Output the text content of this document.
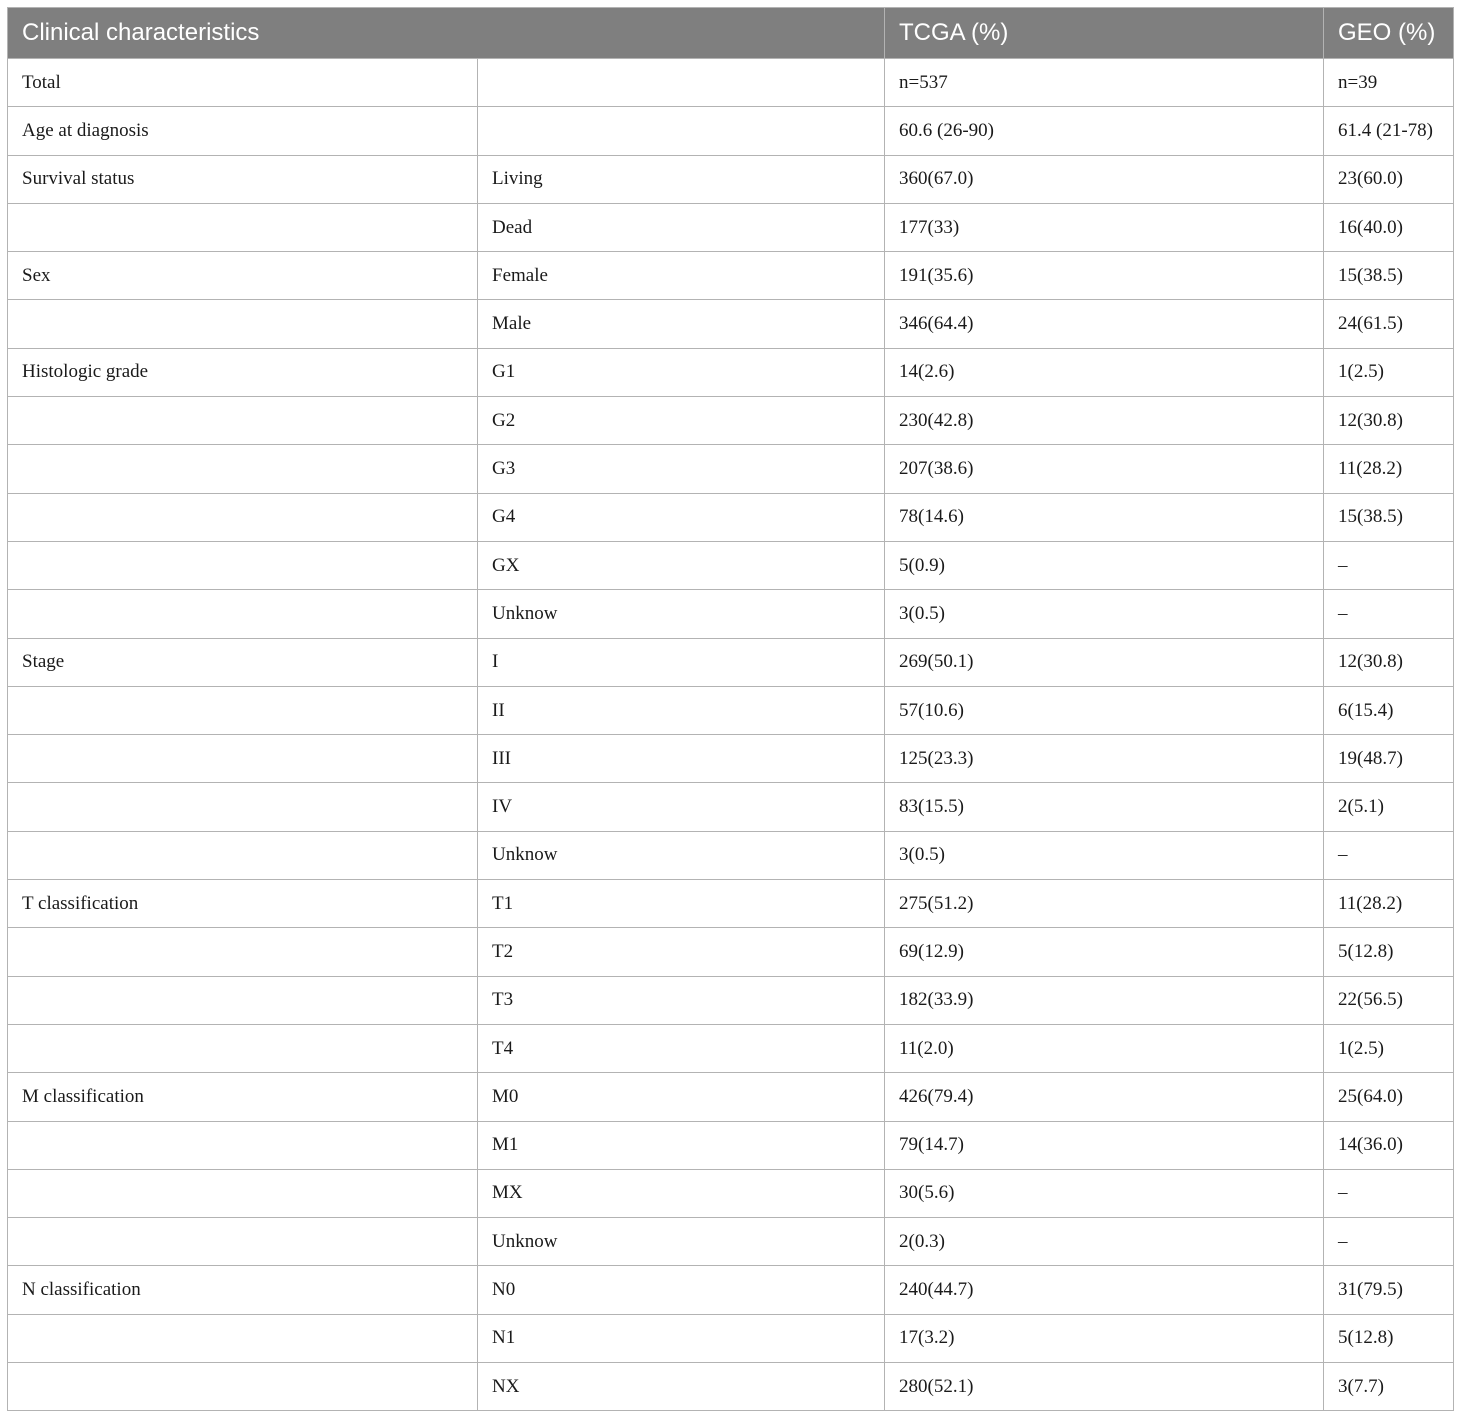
Clinical characteristics		TCGA (%)	GEO (%)
Total		n=537	n=39
Age at diagnosis		60.6 (26-90)	61.4 (21-78)
Survival status	Living	360(67.0)	23(60.0)
	Dead	177(33)	16(40.0)
Sex	Female	191(35.6)	15(38.5)
	Male	346(64.4)	24(61.5)
Histologic grade	G1	14(2.6)	1(2.5)
	G2	230(42.8)	12(30.8)
	G3	207(38.6)	11(28.2)
	G4	78(14.6)	15(38.5)
	GX	5(0.9)	–
	Unknow	3(0.5)	–
Stage	I	269(50.1)	12(30.8)
	II	57(10.6)	6(15.4)
	III	125(23.3)	19(48.7)
	IV	83(15.5)	2(5.1)
	Unknow	3(0.5)	–
T classification	T1	275(51.2)	11(28.2)
	T2	69(12.9)	5(12.8)
	T3	182(33.9)	22(56.5)
	T4	11(2.0)	1(2.5)
M classification	M0	426(79.4)	25(64.0)
	M1	79(14.7)	14(36.0)
	MX	30(5.6)	–
	Unknow	2(0.3)	–
N classification	N0	240(44.7)	31(79.5)
	N1	17(3.2)	5(12.8)
	NX	280(52.1)	3(7.7)
